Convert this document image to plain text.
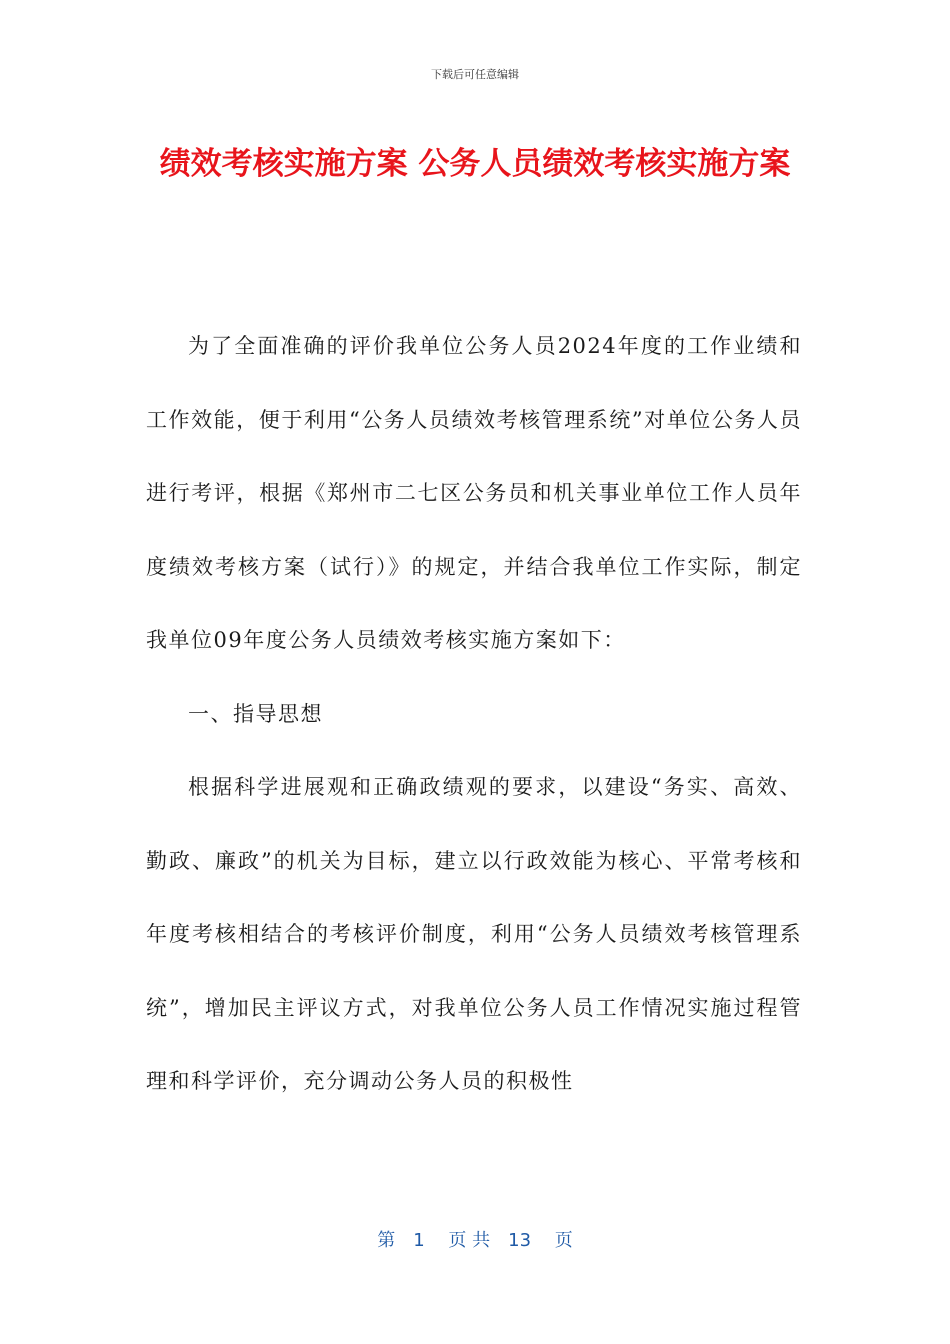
下载后可任意编辑
绩效考核实施方案 公务人员绩效考核实施方案

为了全面准确的评价我单位公务人员2024年度的工作业绩和工作效能，便于利用“公务人员绩效考核管理系统”对单位公务人员进行考评，根据《郑州市二七区公务员和机关事业单位工作人员年度绩效考核方案（试行）》的规定，并结合我单位工作实际，制定我单位09年度公务人员绩效考核实施方案如下：

一、指导思想

根据科学进展观和正确政绩观的要求，以建设“务实、高效、勤政、廉政”的机关为目标，建立以行政效能为核心、平常考核和年度考核相结合的考核评价制度，利用“公务人员绩效考核管理系统”，增加民主评议方式，对我单位公务人员工作情况实施过程管理和科学评价，充分调动公务人员的积极性

第　1　 页 共　13　 页
